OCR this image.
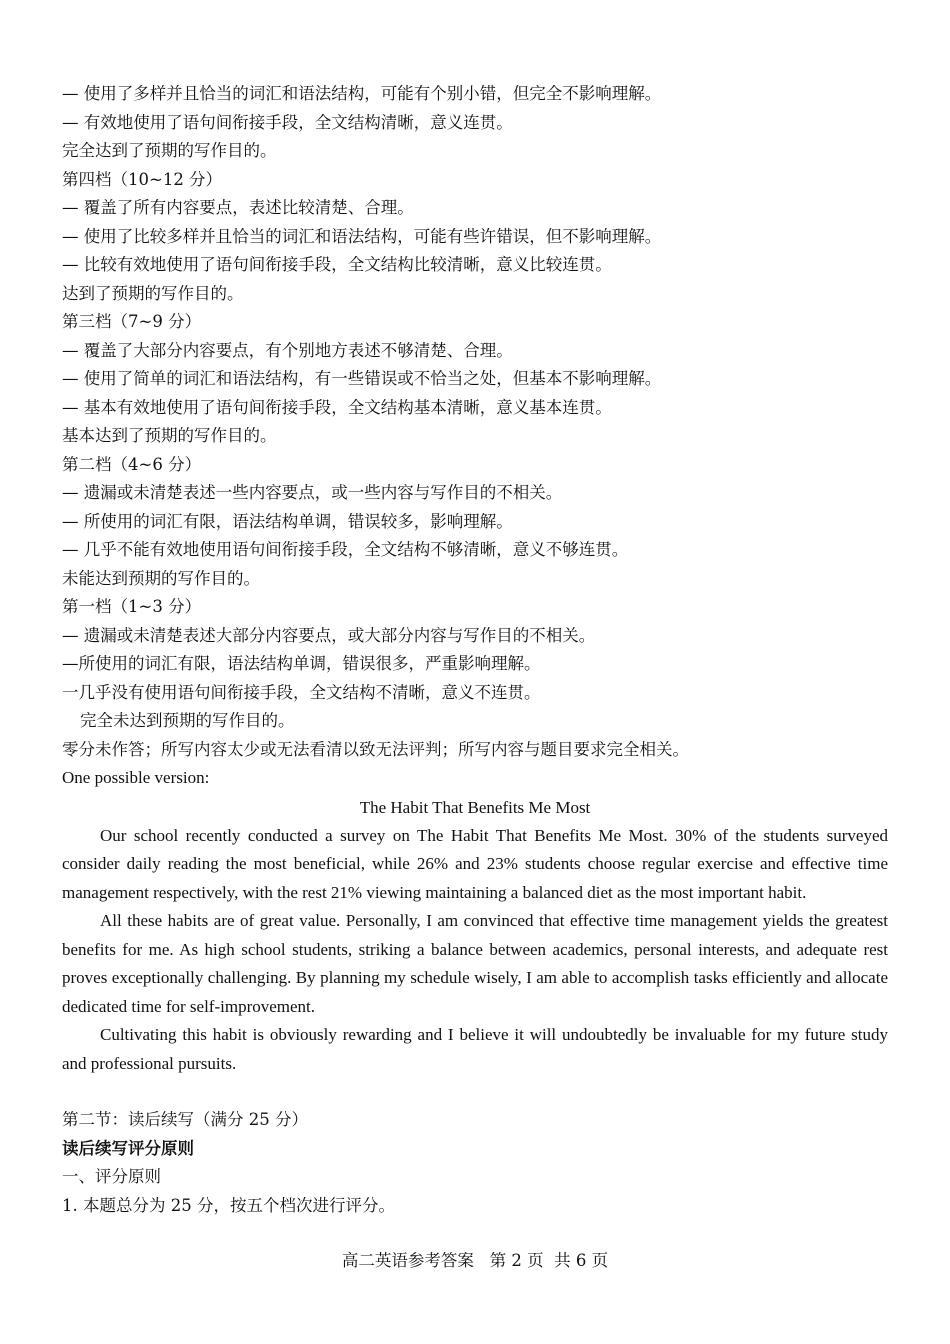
— 使用了多样并且恰当的词汇和语法结构，可能有个别小错，但完全不影响理解。

— 有效地使用了语句间衔接手段，全文结构清晰，意义连贯。

完全达到了预期的写作目的。

第四档（10~12 分）

— 覆盖了所有内容要点，表述比较清楚、合理。

— 使用了比较多样并且恰当的词汇和语法结构，可能有些许错误，但不影响理解。

— 比较有效地使用了语句间衔接手段，全文结构比较清晰，意义比较连贯。

达到了预期的写作目的。

第三档（7~9 分）

— 覆盖了大部分内容要点，有个别地方表述不够清楚、合理。

— 使用了简单的词汇和语法结构，有一些错误或不恰当之处，但基本不影响理解。

— 基本有效地使用了语句间衔接手段，全文结构基本清晰，意义基本连贯。

基本达到了预期的写作目的。

第二档（4~6 分）

— 遗漏或未清楚表述一些内容要点，或一些内容与写作目的不相关。

— 所使用的词汇有限，语法结构单调，错误较多，影响理解。

— 几乎不能有效地使用语句间衔接手段，全文结构不够清晰，意义不够连贯。

未能达到预期的写作目的。

第一档（1~3 分）

— 遗漏或未清楚表述大部分内容要点，或大部分内容与写作目的不相关。

—所使用的词汇有限，语法结构单调，错误很多，严重影响理解。

一几乎没有使用语句间衔接手段，全文结构不清晰，意义不连贯。

完全未达到预期的写作目的。

零分未作答；所写内容太少或无法看清以致无法评判；所写内容与题目要求完全相关。

One possible version:

The Habit That Benefits Me Most

Our school recently conducted a survey on The Habit That Benefits Me Most. 30% of the students surveyed consider daily reading the most beneficial, while 26% and 23% students choose regular exercise and effective time management respectively, with the rest 21% viewing maintaining a balanced diet as the most important habit.

All these habits are of great value. Personally, I am convinced that effective time management yields the greatest benefits for me. As high school students, striking a balance between academics, personal interests, and adequate rest proves exceptionally challenging. By planning my schedule wisely, I am able to accomplish tasks efficiently and allocate dedicated time for self-improvement.

Cultivating this habit is obviously rewarding and I believe it will undoubtedly be invaluable for my future study and professional pursuits.

第二节：读后续写（满分 25 分）

读后续写评分原则

一、评分原则

1. 本题总分为 25 分，按五个档次进行评分。

高二英语参考答案   第 2 页  共 6 页
